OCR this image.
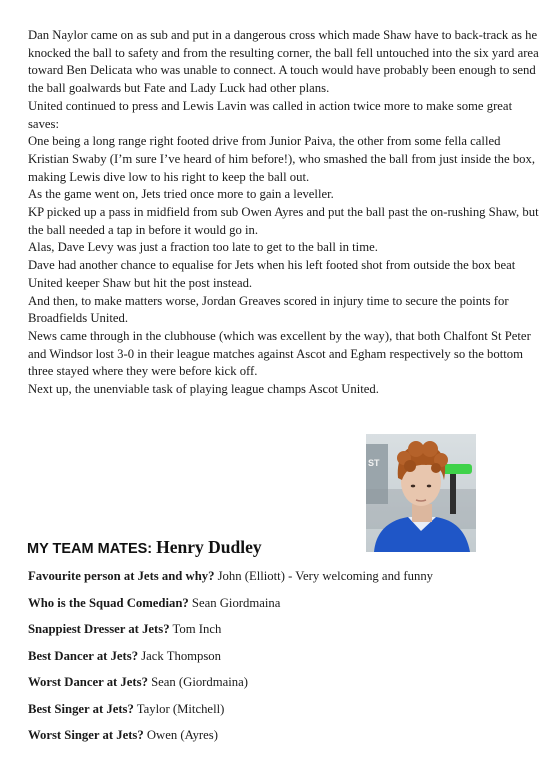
Dan Naylor came on as sub and put in a dangerous cross which made Shaw have to back-track as he knocked the ball to safety and from the resulting corner, the ball fell untouched into the six yard area toward Ben Delicata who was unable to connect. A touch would have probably been enough to send the ball goalwards but Fate and Lady Luck had other plans.

United continued to press and Lewis Lavin was called in action twice more to make some great saves:

One being a long range right footed drive from Junior Paiva, the other from some fella called Kristian Swaby (I’m sure I’ve heard of him before!), who smashed the ball from just inside the box, making Lewis dive low to his right to keep the ball out.

As the game went on, Jets tried once more to gain a leveller.

KP picked up a pass in midfield from sub Owen Ayres and put the ball past the on-rushing Shaw, but the ball needed a tap in before it would go in.

Alas, Dave Levy was just a fraction too late to get to the ball in time.

Dave had another chance to equalise for Jets when his left footed shot from outside the box beat United keeper Shaw but hit the post instead.

And then, to make matters worse, Jordan Greaves scored in injury time to secure the points for Broadfields United.

News came through in the clubhouse (which was excellent by the way), that both Chalfont St Peter and Windsor lost 3-0 in their league matches against Ascot and Egham respectively so the bottom three stayed where they were before kick off.

Next up, the unenviable task of playing league champs Ascot United.

ST
MY TEAM MATES: Henry Dudley

Favourite person at Jets and why? John (Elliott) - Very welcoming and funny

Who is the Squad Comedian? Sean Giordmaina

Snappiest Dresser at Jets? Tom Inch

Best Dancer at Jets? Jack Thompson

Worst Dancer at Jets? Sean (Giordmaina)

Best Singer at Jets? Taylor (Mitchell)

Worst Singer at Jets? Owen (Ayres)
